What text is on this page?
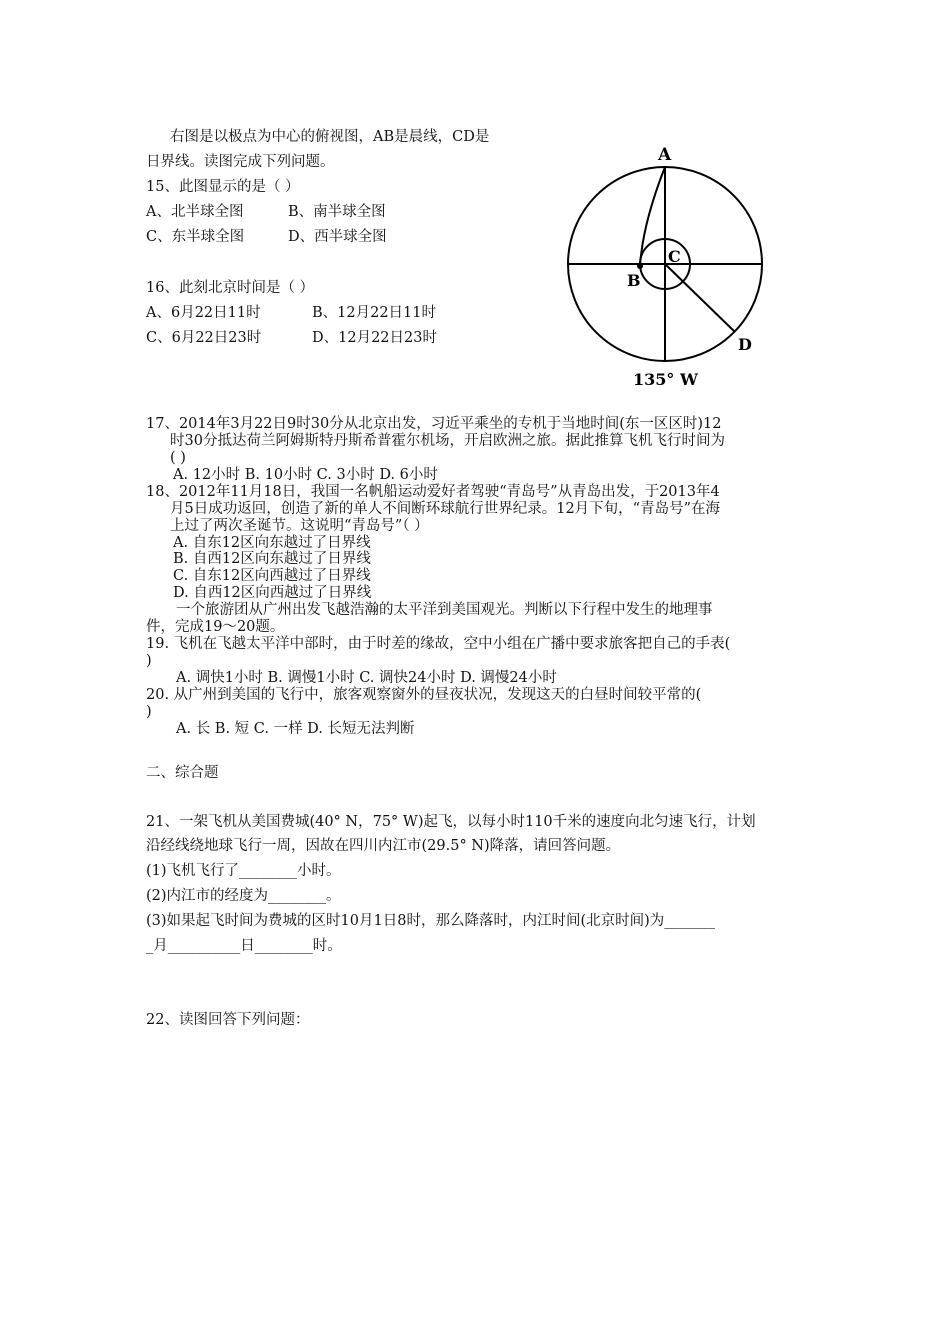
右图是以极点为中心的俯视图，AB是晨线，CD是
日界线。读图完成下列问题。
15、此图显示的是（ ）
A、北半球全图	B、南半球全图
C、东半球全图	D、西半球全图
16、此刻北京时间是（ ）
A、6月22日11时	B、12月22日11时
C、6月22日23时	D、12月22日23时
A
C
B
D
135° W
17、2014年3月22日9时30分从北京出发，习近平乘坐的专机于当地时间(东一区区时)12
时30分抵达荷兰阿姆斯特丹斯希普霍尔机场，开启欧洲之旅。据此推算飞机飞行时间为
( )
A. 12小时 B. 10小时 C. 3小时 D. 6小时
18、2012年11月18日，我国一名帆船运动爱好者驾驶“青岛号”从青岛出发，于2013年4
月5日成功返回，创造了新的单人不间断环球航行世界纪录。12月下旬，“青岛号”在海
上过了两次圣诞节。这说明“青岛号”（ ）
A. 自东12区向东越过了日界线
B. 自西12区向东越过了日界线
C. 自东12区向西越过了日界线
D. 自西12区向西越过了日界线
一个旅游团从广州出发飞越浩瀚的太平洋到美国观光。判断以下行程中发生的地理事
件，完成19～20题。
19. 飞机在飞越太平洋中部时，由于时差的缘故，空中小组在广播中要求旅客把自己的手表(
)
A. 调快1小时 B. 调慢1小时 C. 调快24小时 D. 调慢24小时
20. 从广州到美国的飞行中，旅客观察窗外的昼夜状况，发现这天的白昼时间较平常的(
)
A. 长 B. 短 C. 一样 D. 长短无法判断
二、综合题
21、一架飞机从美国费城(40° N，75° W)起飞，以每小时110千米的速度向北匀速飞行，计划
沿经线绕地球飞行一周，因故在四川内江市(29.5° N)降落，请回答问题。
(1)飞机飞行了________小时。
(2)内江市的经度为________。
(3)如果起飞时间为费城的区时10月1日8时，那么降落时，内江时间(北京时间)为_______
_月__________日________时。
22、读图回答下列问题：
